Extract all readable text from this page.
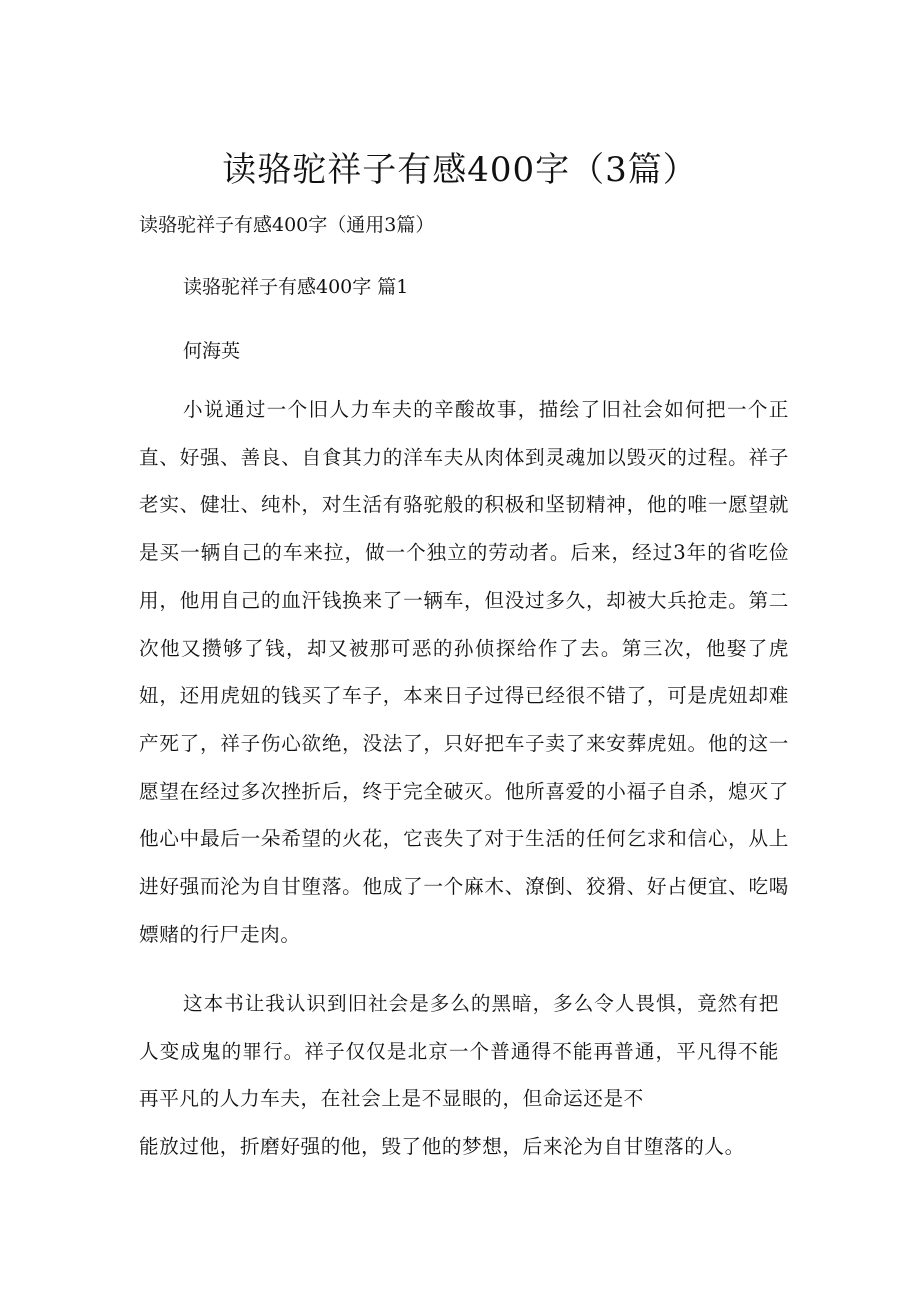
读骆驼祥子有感400字（3篇）

读骆驼祥子有感400字（通用3篇）

读骆驼祥子有感400字 篇1

何海英

小说通过一个旧人力车夫的辛酸故事，描绘了旧社会如何把一个正直、好强、善良、自食其力的洋车夫从肉体到灵魂加以毁灭的过程。祥子老实、健壮、纯朴，对生活有骆驼般的积极和坚韧精神，他的唯一愿望就是买一辆自己的车来拉，做一个独立的劳动者。后来，经过3年的省吃俭用，他用自己的血汗钱换来了一辆车，但没过多久，却被大兵抢走。第二次他又攒够了钱，却又被那可恶的孙侦探给作了去。第三次，他娶了虎妞，还用虎妞的钱买了车子，本来日子过得已经很不错了，可是虎妞却难产死了，祥子伤心欲绝，没法了，只好把车子卖了来安葬虎妞。他的这一愿望在经过多次挫折后，终于完全破灭。他所喜爱的小福子自杀，熄灭了他心中最后一朵希望的火花，它丧失了对于生活的任何乞求和信心，从上进好强而沦为自甘堕落。他成了一个麻木、潦倒、狡猾、好占便宜、吃喝嫖赌的行尸走肉。

这本书让我认识到旧社会是多么的黑暗，多么令人畏惧，竟然有把人变成鬼的罪行。祥子仅仅是北京一个普通得不能再普通，平凡得不能再平凡的人力车夫，在社会上是不显眼的，但命运还是不

能放过他，折磨好强的他，毁了他的梦想，后来沦为自甘堕落的人。
